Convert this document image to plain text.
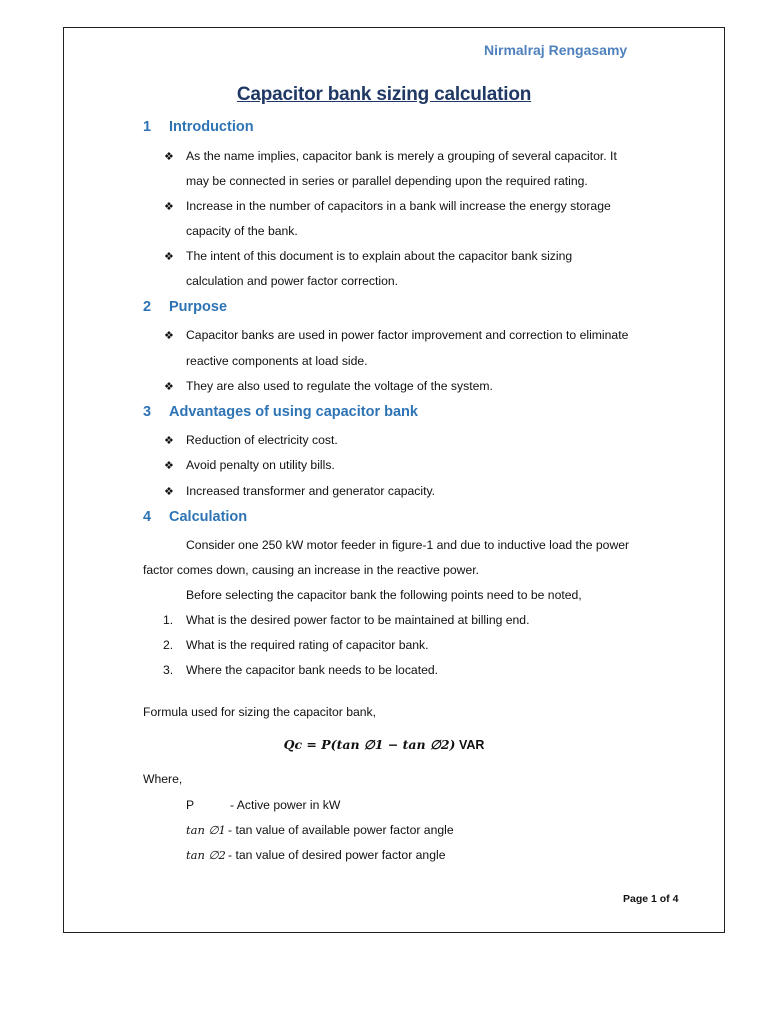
Nirmalraj Rengasamy
Capacitor bank sizing calculation
1 Introduction
❖ As the name implies, capacitor bank is merely a grouping of several capacitor. It
may be connected in series or parallel depending upon the required rating.
❖ Increase in the number of capacitors in a bank will increase the energy storage
capacity of the bank.
❖ The intent of this document is to explain about the capacitor bank sizing
calculation and power factor correction.
2 Purpose
❖ Capacitor banks are used in power factor improvement and correction to eliminate
reactive components at load side.
❖ They are also used to regulate the voltage of the system.
3 Advantages of using capacitor bank
❖ Reduction of electricity cost.
❖ Avoid penalty on utility bills.
❖ Increased transformer and generator capacity.
4 Calculation
Consider one 250 kW motor feeder in figure-1 and due to inductive load the power
factor comes down, causing an increase in the reactive power.
Before selecting the capacitor bank the following points need to be noted,
1. What is the desired power factor to be maintained at billing end.
2. What is the required rating of capacitor bank.
3. Where the capacitor bank needs to be located.
Formula used for sizing the capacitor bank,
Qc = P(tan ∅1 − tan ∅2) VAR
Where,
P	- Active power in kW
tan ∅1 - tan value of available power factor angle
tan ∅2 - tan value of desired power factor angle
Page 1 of 4
